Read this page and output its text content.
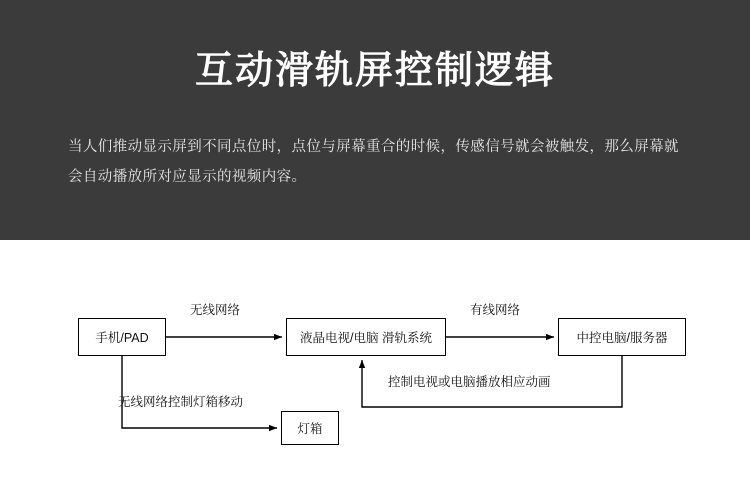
互动滑轨屏控制逻辑
当人们推动显示屏到不同点位时，点位与屏幕重合的时候，传感信号就会被触发，那么屏幕就会自动播放所对应显示的视频内容。
手机/PAD	液晶电视/电脑 滑轨系统	中控电脑/服务器
灯箱
无线网络	有线网络
控制电视或电脑播放相应动画
无线网络控制灯箱移动
